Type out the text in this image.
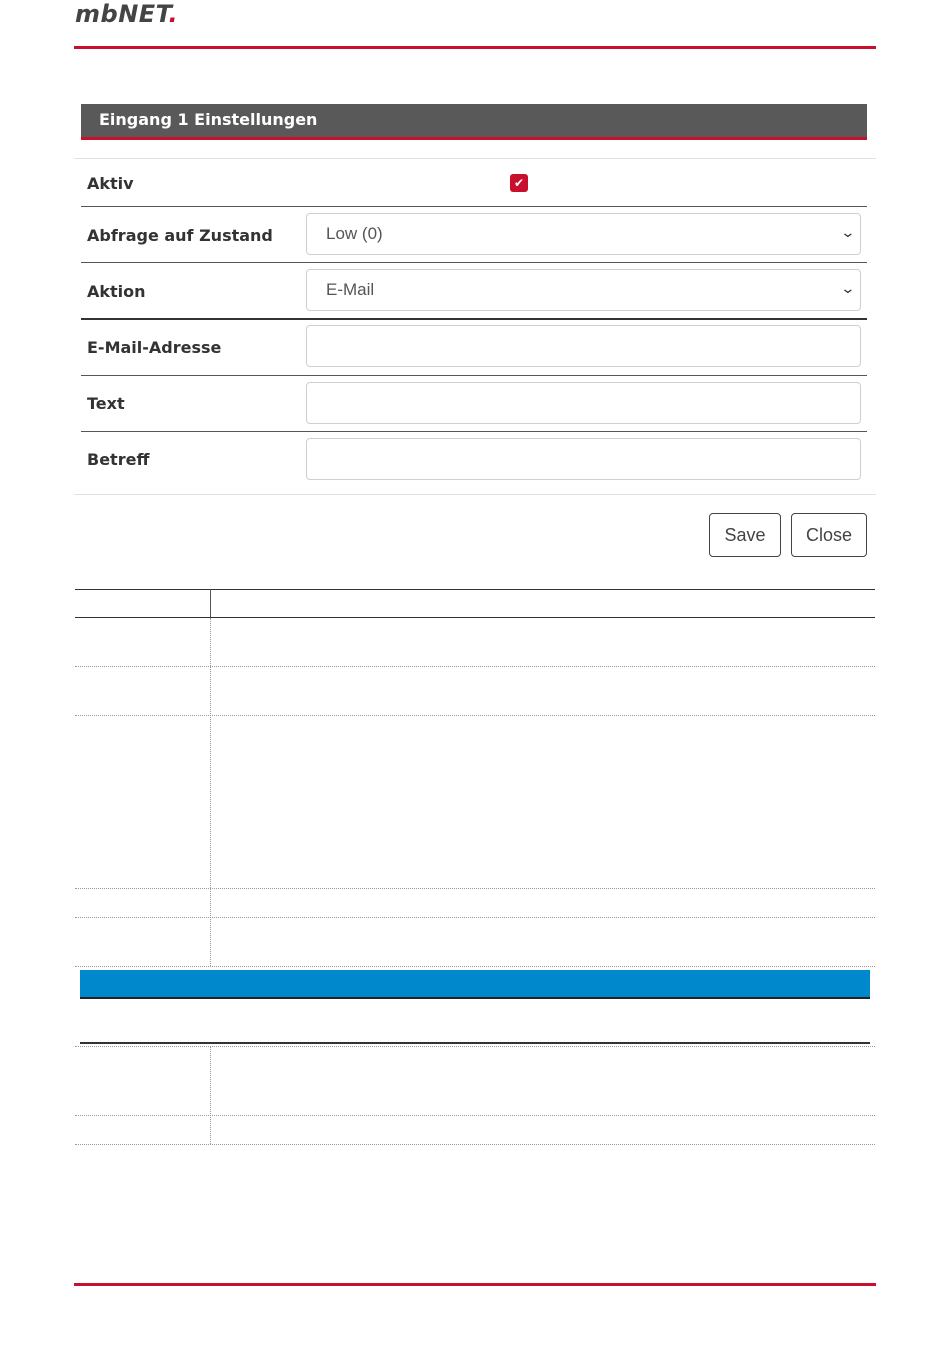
mbNET.
Eingang 1 Einstellungen
Aktiv	✔
Abfrage auf Zustand	Low (0)	⌄
Aktion	E-Mail	⌄
E-Mail-Adresse
Text
Betreff
Save	Close
